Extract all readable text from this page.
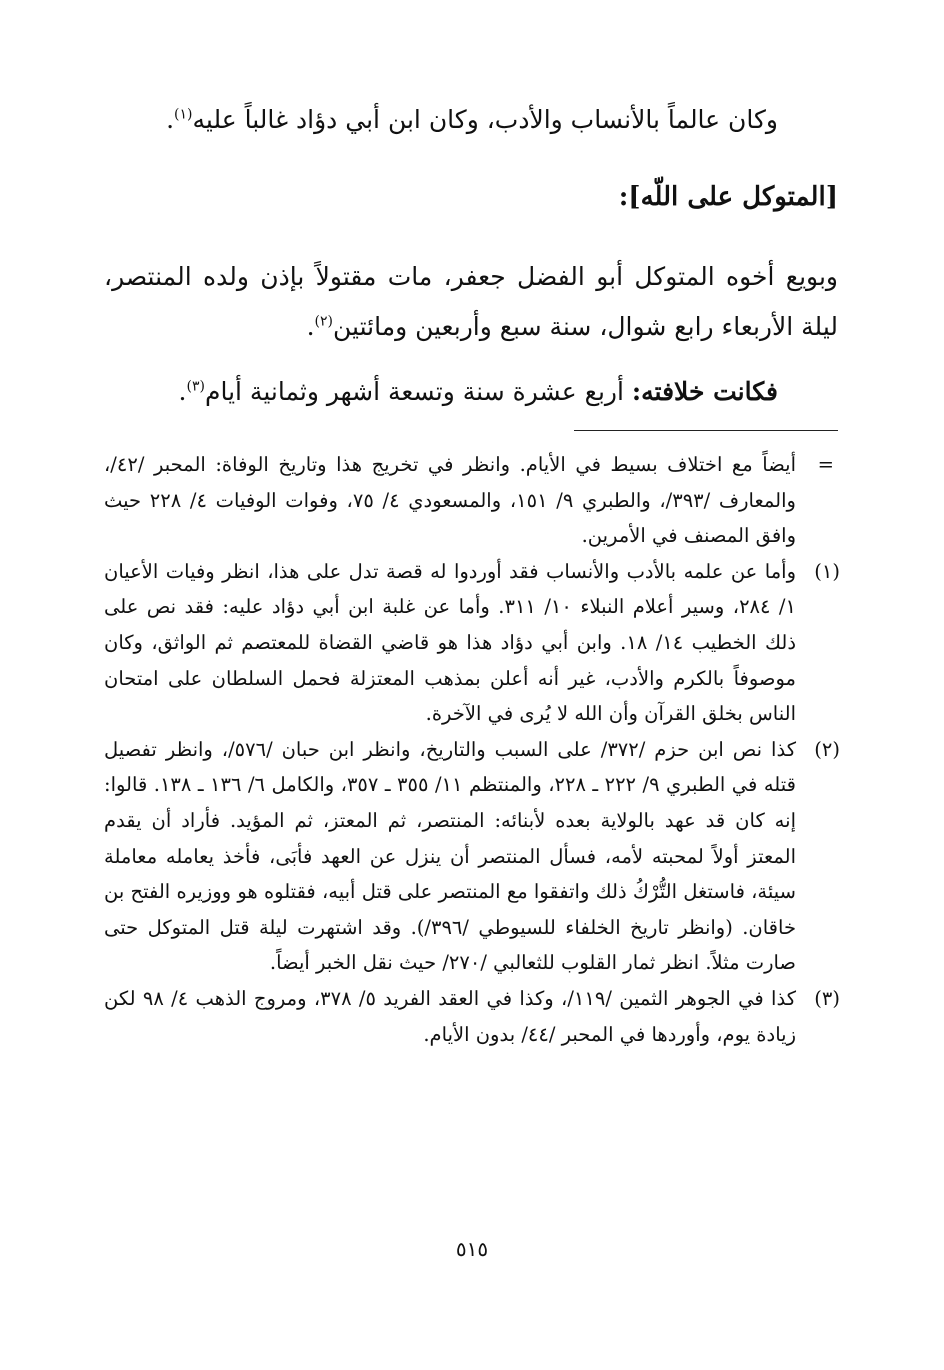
وكان عالماً بالأنساب والأدب، وكان ابن أبي دؤاد غالباً عليه$^{(١)}$.

[المتوكل على اللّه]:

وبويع أخوه المتوكل أبو الفضل جعفر، مات مقتولاً بإذن ولده المنتصر، ليلة الأربعاء رابع شوال، سنة سبع وأربعين ومائتين$^{(٢)}$.

فكانت خلافته: أربع عشرة سنة وتسعة أشهر وثمانية أيام$^{(٣)}$.

=
أيضاً مع اختلاف بسيط في الأيام. وانظر في تخريج هذا وتاريخ الوفاة: المحبر /٤٢/، والمعارف /٣٩٣/، والطبري ٩/ ١٥١، والمسعودي ٤/ ٧٥، وفوات الوفيات ٤/ ٢٢٨ حيث وافق المصنف في الأمرين.

(١)
وأما عن علمه بالأدب والأنساب فقد أوردوا له قصة تدل على هذا، انظر وفيات الأعيان ١/ ٢٨٤، وسير أعلام النبلاء ١٠/ ٣١١. وأما عن غلبة ابن أبي دؤاد عليه: فقد نص على ذلك الخطيب ١٤/ ١٨. وابن أبي دؤاد هذا هو قاضي القضاة للمعتصم ثم الواثق، وكان موصوفاً بالكرم والأدب، غير أنه أعلن بمذهب المعتزلة فحمل السلطان على امتحان الناس بخلق القرآن وأن الله لا يُرى في الآخرة.

(٢)
كذا نص ابن حزم /٣٧٢/ على السبب والتاريخ، وانظر ابن حبان /٥٧٦/، وانظر تفصيل قتله في الطبري ٩/ ٢٢٢ ـ ٢٢٨، والمنتظم ١١/ ٣٥٥ ـ ٣٥٧، والكامل ٦/ ١٣٦ ـ ١٣٨. قالوا: إنه كان قد عهد بالولاية بعده لأبنائه: المنتصر، ثم المعتز، ثم المؤيد. فأراد أن يقدم المعتز أولاً لمحبته لأمه، فسأل المنتصر أن ينزل عن العهد فأبَى، فأخذ يعامله معاملة سيئة، فاستغل التُّرْكُ ذلك واتفقوا مع المنتصر على قتل أبيه، فقتلوه هو ووزيره الفتح بن خاقان. (وانظر تاريخ الخلفاء للسيوطي /٣٩٦/). وقد اشتهرت ليلة قتل المتوكل حتى صارت مثلاً. انظر ثمار القلوب للثعالبي /٢٧٠/ حيث نقل الخبر أيضاً.

(٣)
كذا في الجوهر الثمين /١١٩/، وكذا في العقد الفريد ٥/ ٣٧٨، ومروج الذهب ٤/ ٩٨ لكن زيادة يوم، وأوردها في المحبر /٤٤/ بدون الأيام.

٥١٥
